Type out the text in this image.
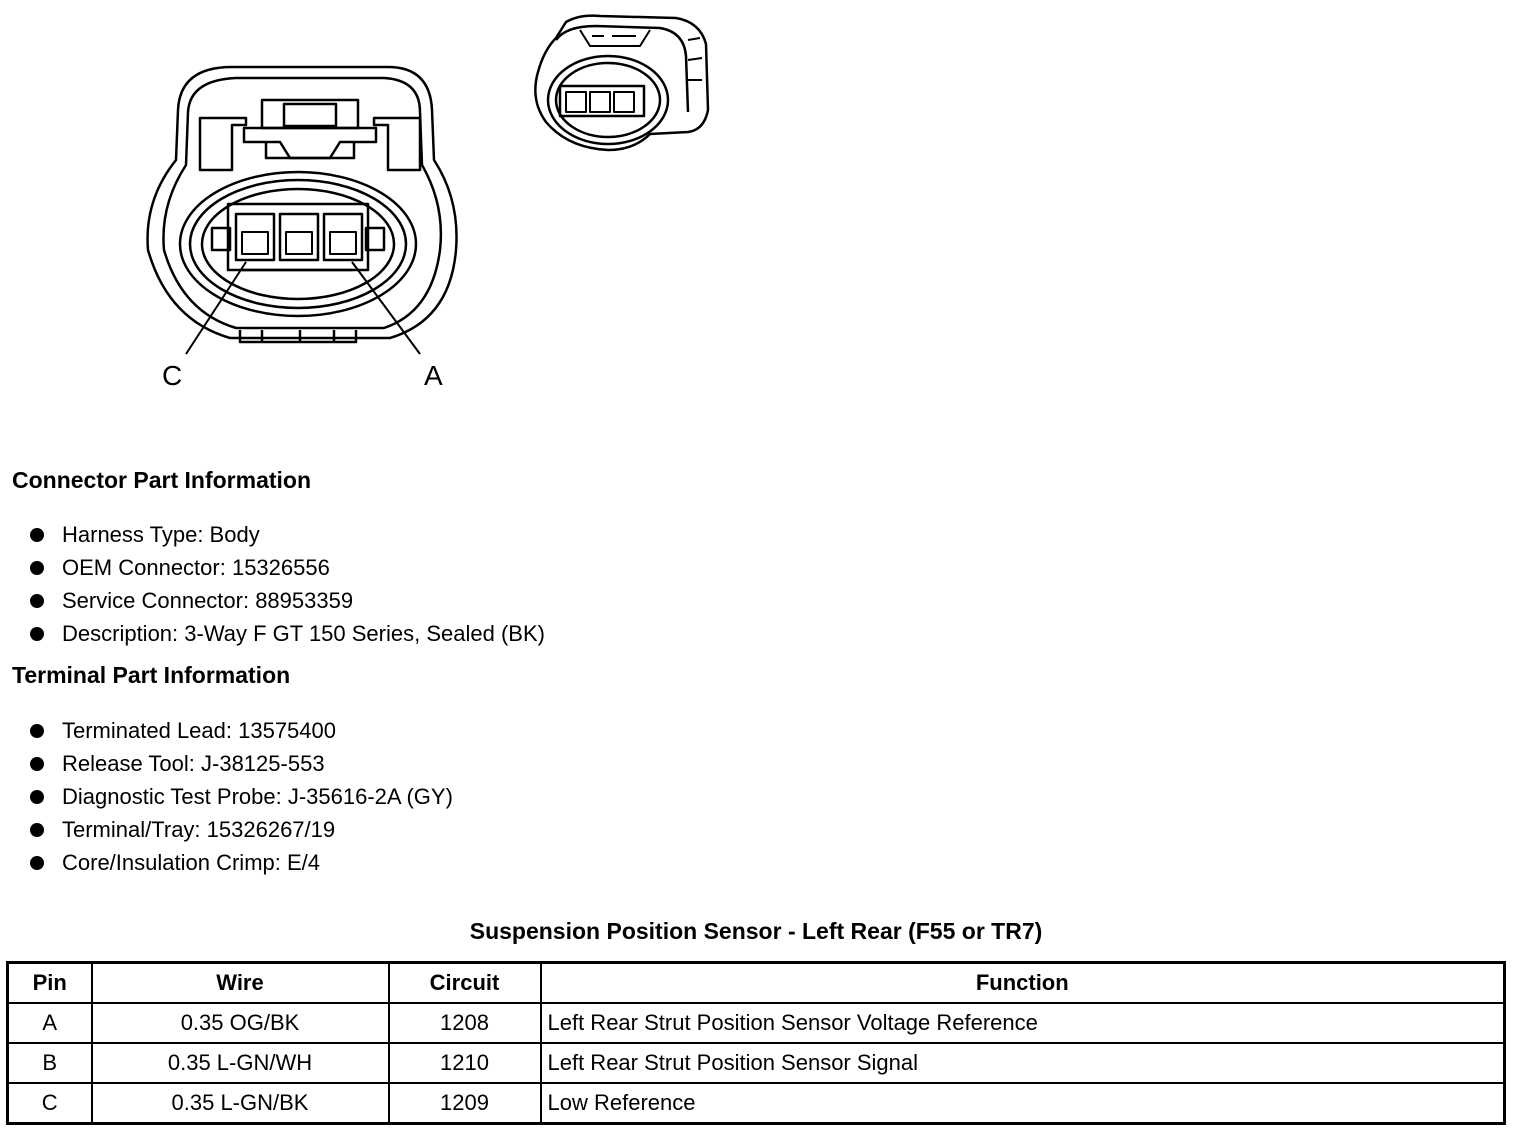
C	A
Connector Part Information
Harness Type: Body
OEM Connector: 15326556
Service Connector: 88953359
Description: 3-Way F GT 150 Series, Sealed (BK)
Terminal Part Information
Terminated Lead: 13575400
Release Tool: J-38125-553
Diagnostic Test Probe: J-35616-2A (GY)
Terminal/Tray: 15326267/19
Core/Insulation Crimp: E/4
Suspension Position Sensor - Left Rear (F55 or TR7)
Pin	Wire	Circuit	Function
A	0.35 OG/BK	1208	Left Rear Strut Position Sensor Voltage Reference
B	0.35 L-GN/WH	1210	Left Rear Strut Position Sensor Signal
C	0.35 L-GN/BK	1209	Low Reference
